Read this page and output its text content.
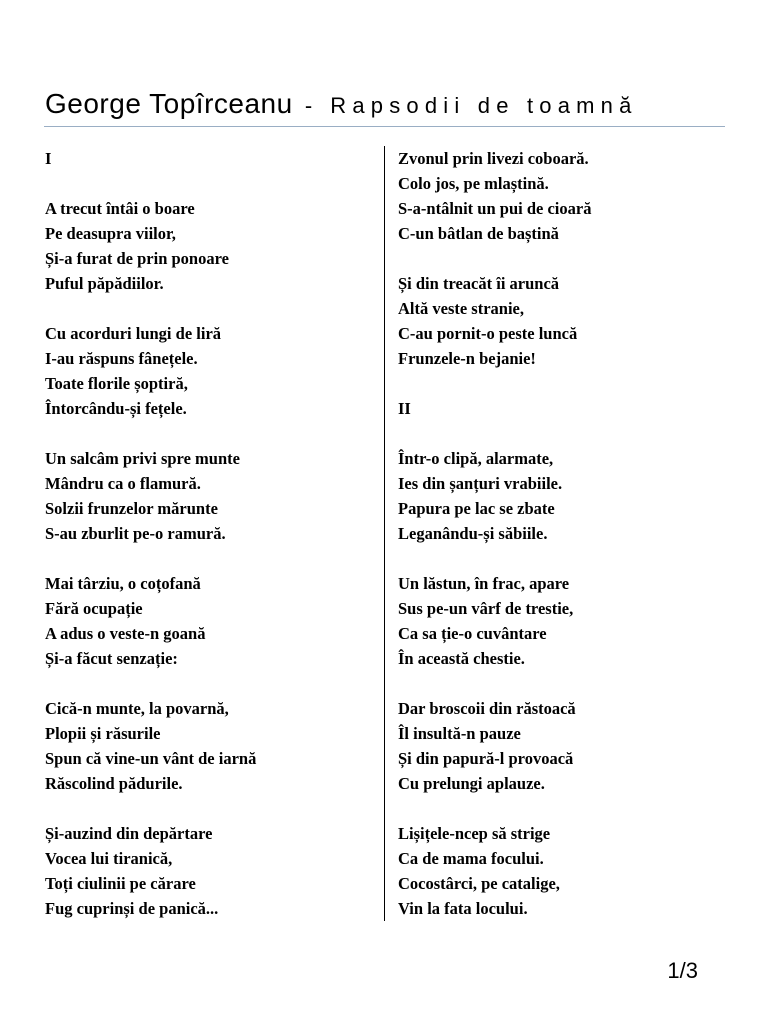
George Topîrceanu - Rapsodii de toamnă
I
A trecut întâi o boare
Pe deasupra viilor,
Și-a furat de prin ponoare
Puful păpădiilor.
Cu acorduri lungi de liră
I-au răspuns fânețele.
Toate florile șoptiră,
Întorcându-și fețele.
Un salcâm privi spre munte
Mândru ca o flamură.
Solzii frunzelor mărunte
S-au zburlit pe-o ramură.
Mai târziu, o coțofană
Fără ocupație
A adus o veste-n goană
Și-a făcut senzație:
Cică-n munte, la povarnă,
Plopii și răsurile
Spun că vine-un vânt de iarnă
Răscolind pădurile.
Și-auzind din depărtare
Vocea lui tiranică,
Toți ciulinii pe cărare
Fug cuprinși de panică...
Zvonul prin livezi coboară.
Colo jos, pe mlaștină.
S-a-ntâlnit un pui de cioară
C-un bâtlan de baștină
Și din treacăt îi aruncă
Altă veste stranie,
C-au pornit-o peste luncă
Frunzele-n bejanie!
II
Într-o clipă, alarmate,
Ies din șanțuri vrabiile.
Papura pe lac se zbate
Leganându-și săbiile.
Un lăstun, în frac, apare
Sus pe-un vârf de trestie,
Ca sa ție-o cuvântare
În această chestie.
Dar broscoii din răstoacă
Îl insultă-n pauze
Și din papură-l provoacă
Cu prelungi aplauze.
Lișițele-ncep să strige
Ca de mama focului.
Cocostârci, pe catalige,
Vin la fata locului.
1/3
